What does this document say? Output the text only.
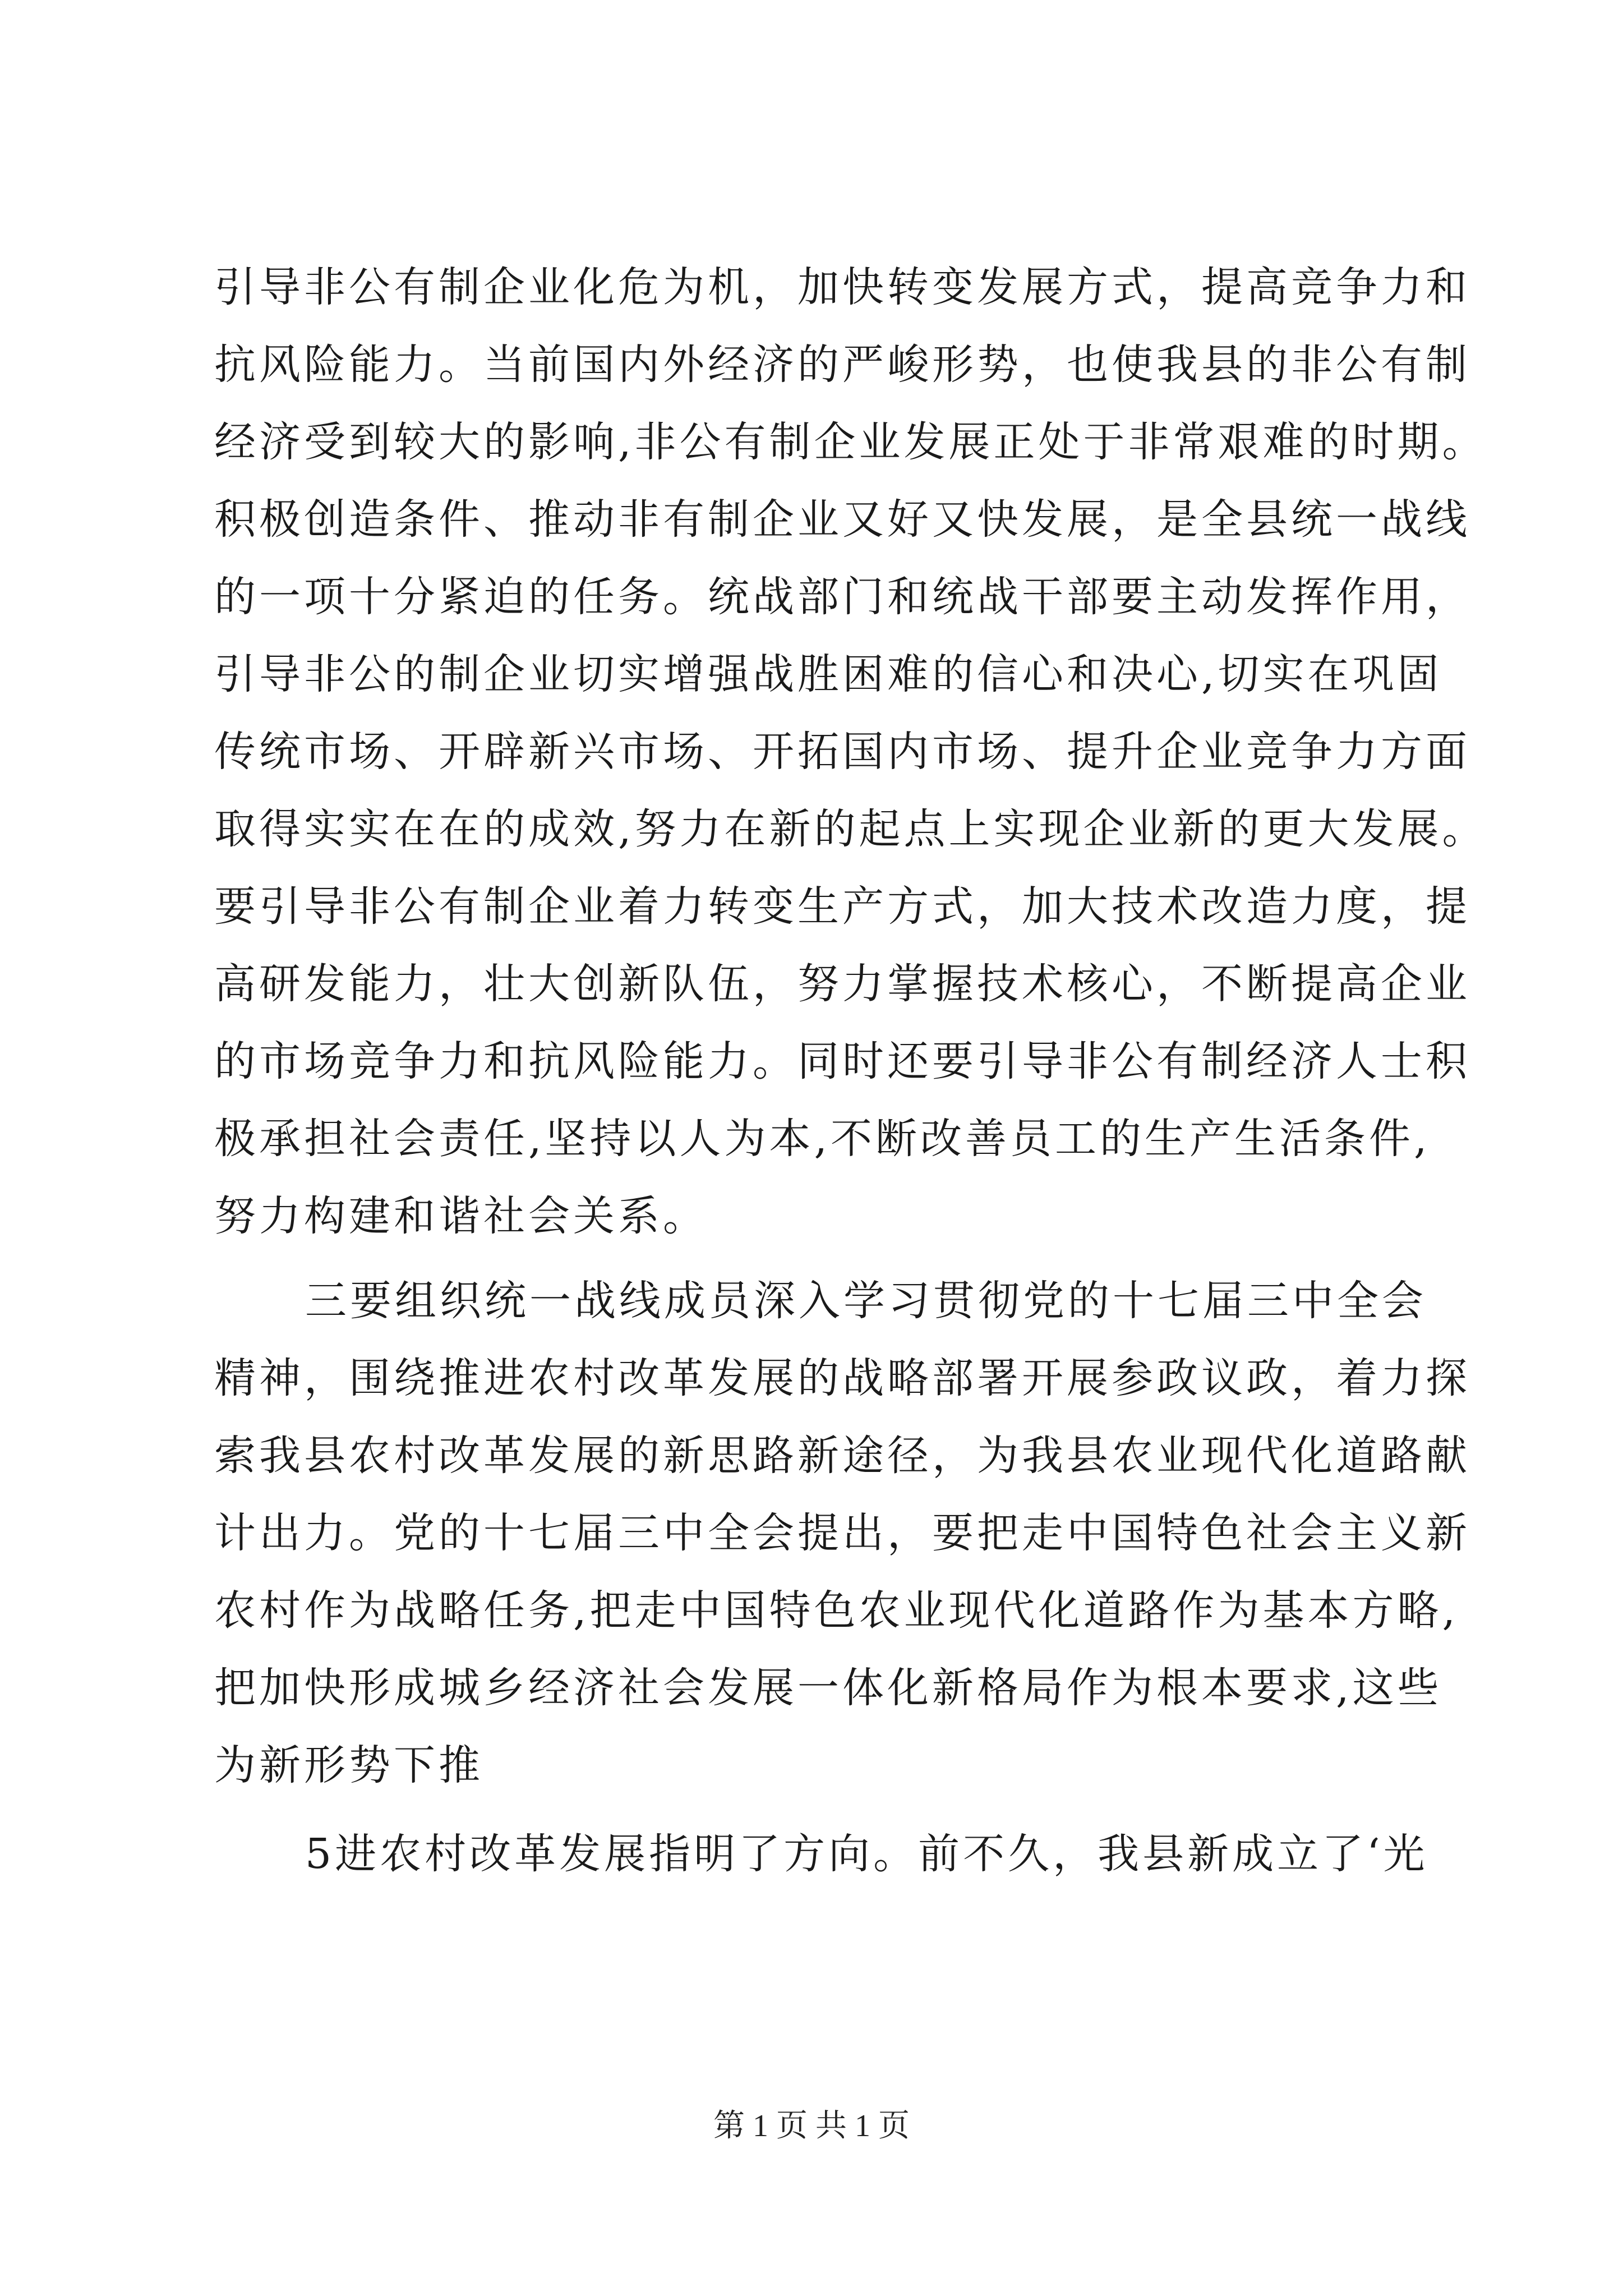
引导非公有制企业化危为机，加快转变发展方式，提高竞争力和
抗风险能力。当前国内外经济的严峻形势，也使我县的非公有制
经济受到较大的影响,非公有制企业发展正处于非常艰难的时期。
积极创造条件、推动非有制企业又好又快发展，是全县统一战线
的一项十分紧迫的任务。统战部门和统战干部要主动发挥作用，
引导非公的制企业切实增强战胜困难的信心和决心,切实在巩固
传统市场、开辟新兴市场、开拓国内市场、提升企业竞争力方面
取得实实在在的成效,努力在新的起点上实现企业新的更大发展。
要引导非公有制企业着力转变生产方式，加大技术改造力度，提
高研发能力，壮大创新队伍，努力掌握技术核心，不断提高企业
的市场竞争力和抗风险能力。同时还要引导非公有制经济人士积
极承担社会责任,坚持以人为本,不断改善员工的生产生活条件,
努力构建和谐社会关系。
三要组织统一战线成员深入学习贯彻党的十七届三中全会
精神，围绕推进农村改革发展的战略部署开展参政议政，着力探
索我县农村改革发展的新思路新途径，为我县农业现代化道路献
计出力。党的十七届三中全会提出，要把走中国特色社会主义新
农村作为战略任务,把走中国特色农业现代化道路作为基本方略,
把加快形成城乡经济社会发展一体化新格局作为根本要求,这些
为新形势下推
5进农村改革发展指明了方向。前不久，我县新成立了‘光
第 1 页 共 1 页
